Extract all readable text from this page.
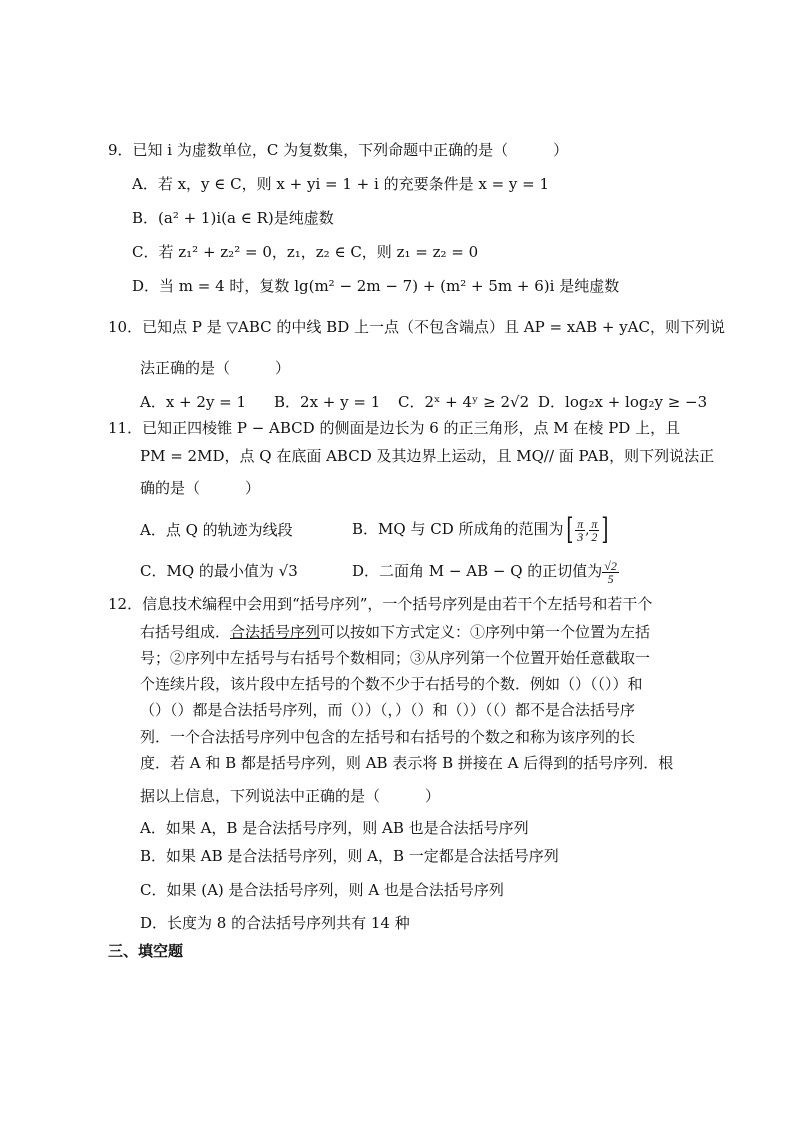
9．已知 i 为虚数单位，C 为复数集，下列命题中正确的是（　　　）
A．若 x，y ∈ C，则 x + yi = 1 + i 的充要条件是 x = y = 1
B．(a² + 1)i(a ∈ R)是纯虚数
C．若 z₁² + z₂² = 0，z₁，z₂ ∈ C，则 z₁ = z₂ = 0
D．当 m = 4 时，复数 lg(m² − 2m − 7) + (m² + 5m + 6)i 是纯虚数
10．已知点 P 是 ▽ABC 的中线 BD 上一点（不包含端点）且 AP = xAB + yAC，则下列说
法正确的是（　　　）
A．x + 2y = 1 B．2x + y = 1 C．2ˣ + 4ʸ ≥ 2√2 D．log₂x + log₂y ≥ −3
11．已知正四棱锥 P − ABCD 的侧面是边长为 6 的正三角形，点 M 在棱 PD 上，且
PM = 2MD，点 Q 在底面 ABCD 及其边界上运动，且 MQ// 面 PAB，则下列说法正
确的是（　　　）
A．点 Q 的轨迹为线段	B．MQ 与 CD 所成角的范围为[ $\frac{\pi}{3}$ , $\frac{\pi}{2}$ ]
C．MQ 的最小值为 √3	D．二面角 M − AB − Q 的正切值为 $\frac{√2}{5}$
12．信息技术编程中会用到“括号序列”，一个括号序列是由若干个左括号和若干个
右括号组成．合法括号序列可以按如下方式定义：①序列中第一个位置为左括
号；②序列中左括号与右括号个数相同；③从序列第一个位置开始任意截取一
个连续片段，该片段中左括号的个数不少于右括号的个数．例如（）（（））和
（）（）都是合法括号序列，而（））（，）（）和（））（（）都不是合法括号序
列．一个合法括号序列中包含的左括号和右括号的个数之和称为该序列的长
度．若 A 和 B 都是括号序列，则 AB 表示将 B 拼接在 A 后得到的括号序列．根
据以上信息，下列说法中正确的是（　　　）
A．如果 A，B 是合法括号序列，则 AB 也是合法括号序列
B．如果 AB 是合法括号序列，则 A，B 一定都是合法括号序列
C．如果 (A) 是合法括号序列，则 A 也是合法括号序列
D．长度为 8 的合法括号序列共有 14 种
三、填空题
